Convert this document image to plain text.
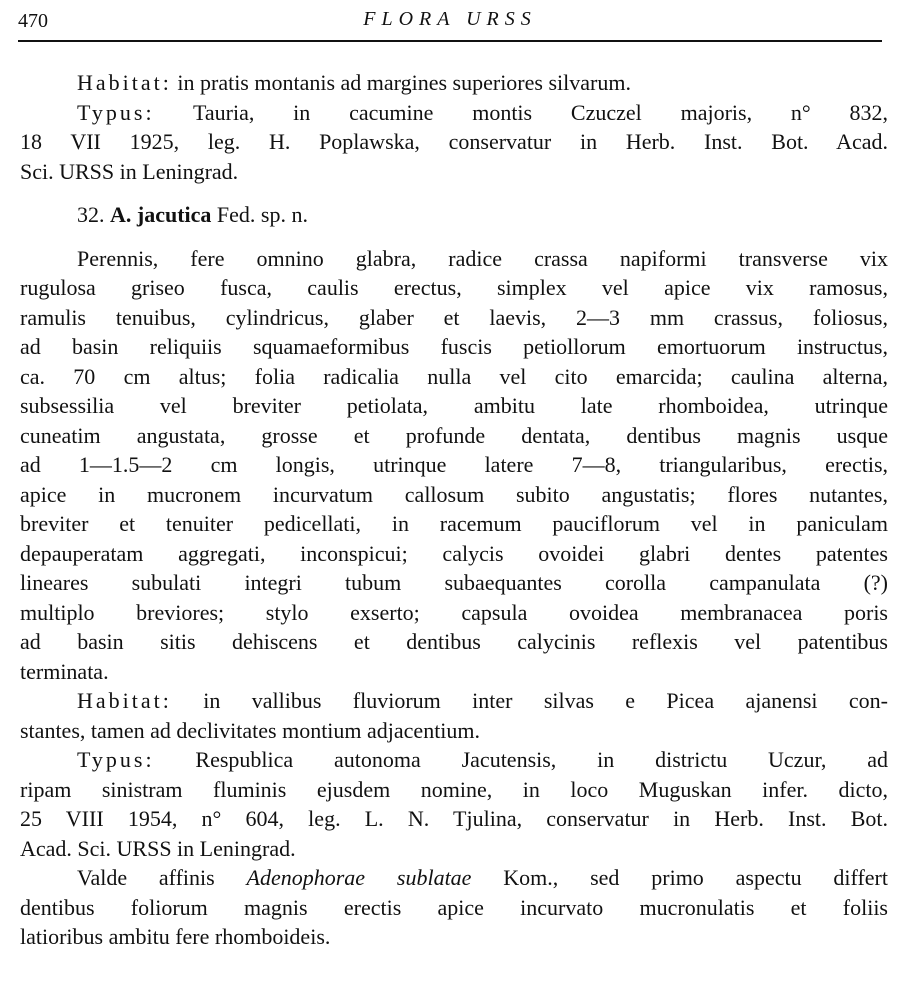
470	FLORA URSS
Habitat: in pratis montanis ad margines superiores silvarum.
Typus: Tauria, in cacumine montis Czuczel majoris, n° 832,
18 VII 1925, leg. H. Poplawska, conservatur in Herb. Inst. Bot. Acad.
Sci. URSS in Leningrad.
32. A. jacutica Fed. sp. n.
Perennis, fere omnino glabra, radice crassa napiformi transverse vix
rugulosa griseo fusca, caulis erectus, simplex vel apice vix ramosus,
ramulis tenuibus, cylindricus, glaber et laevis, 2—3 mm crassus, foliosus,
ad basin reliquiis squamaeformibus fuscis petiollorum emortuorum instructus,
ca. 70 cm altus; folia radicalia nulla vel cito emarcida; caulina alterna,
subsessilia vel breviter petiolata, ambitu late rhomboidea, utrinque
cuneatim angustata, grosse et profunde dentata, dentibus magnis usque
ad 1—1.5—2 cm longis, utrinque latere 7—8, triangularibus, erectis,
apice in mucronem incurvatum callosum subito angustatis; flores nutantes,
breviter et tenuiter pedicellati, in racemum pauciflorum vel in paniculam
depauperatam aggregati, inconspicui; calycis ovoidei glabri dentes patentes
lineares subulati integri tubum subaequantes corolla campanulata (?)
multiplo breviores; stylo exserto; capsula ovoidea membranacea poris
ad basin sitis dehiscens et dentibus calycinis reflexis vel patentibus
terminata.
Habitat: in vallibus fluviorum inter silvas e Picea ajanensi con-
stantes, tamen ad declivitates montium adjacentium.
Typus: Respublica autonoma Jacutensis, in districtu Uczur, ad
ripam sinistram fluminis ejusdem nomine, in loco Muguskan infer. dicto,
25 VIII 1954, n° 604, leg. L. N. Tjulina, conservatur in Herb. Inst. Bot.
Acad. Sci. URSS in Leningrad.
Valde affinis Adenophorae sublatae Kom., sed primo aspectu differt
dentibus foliorum magnis erectis apice incurvato mucronulatis et foliis
latioribus ambitu fere rhomboideis.
